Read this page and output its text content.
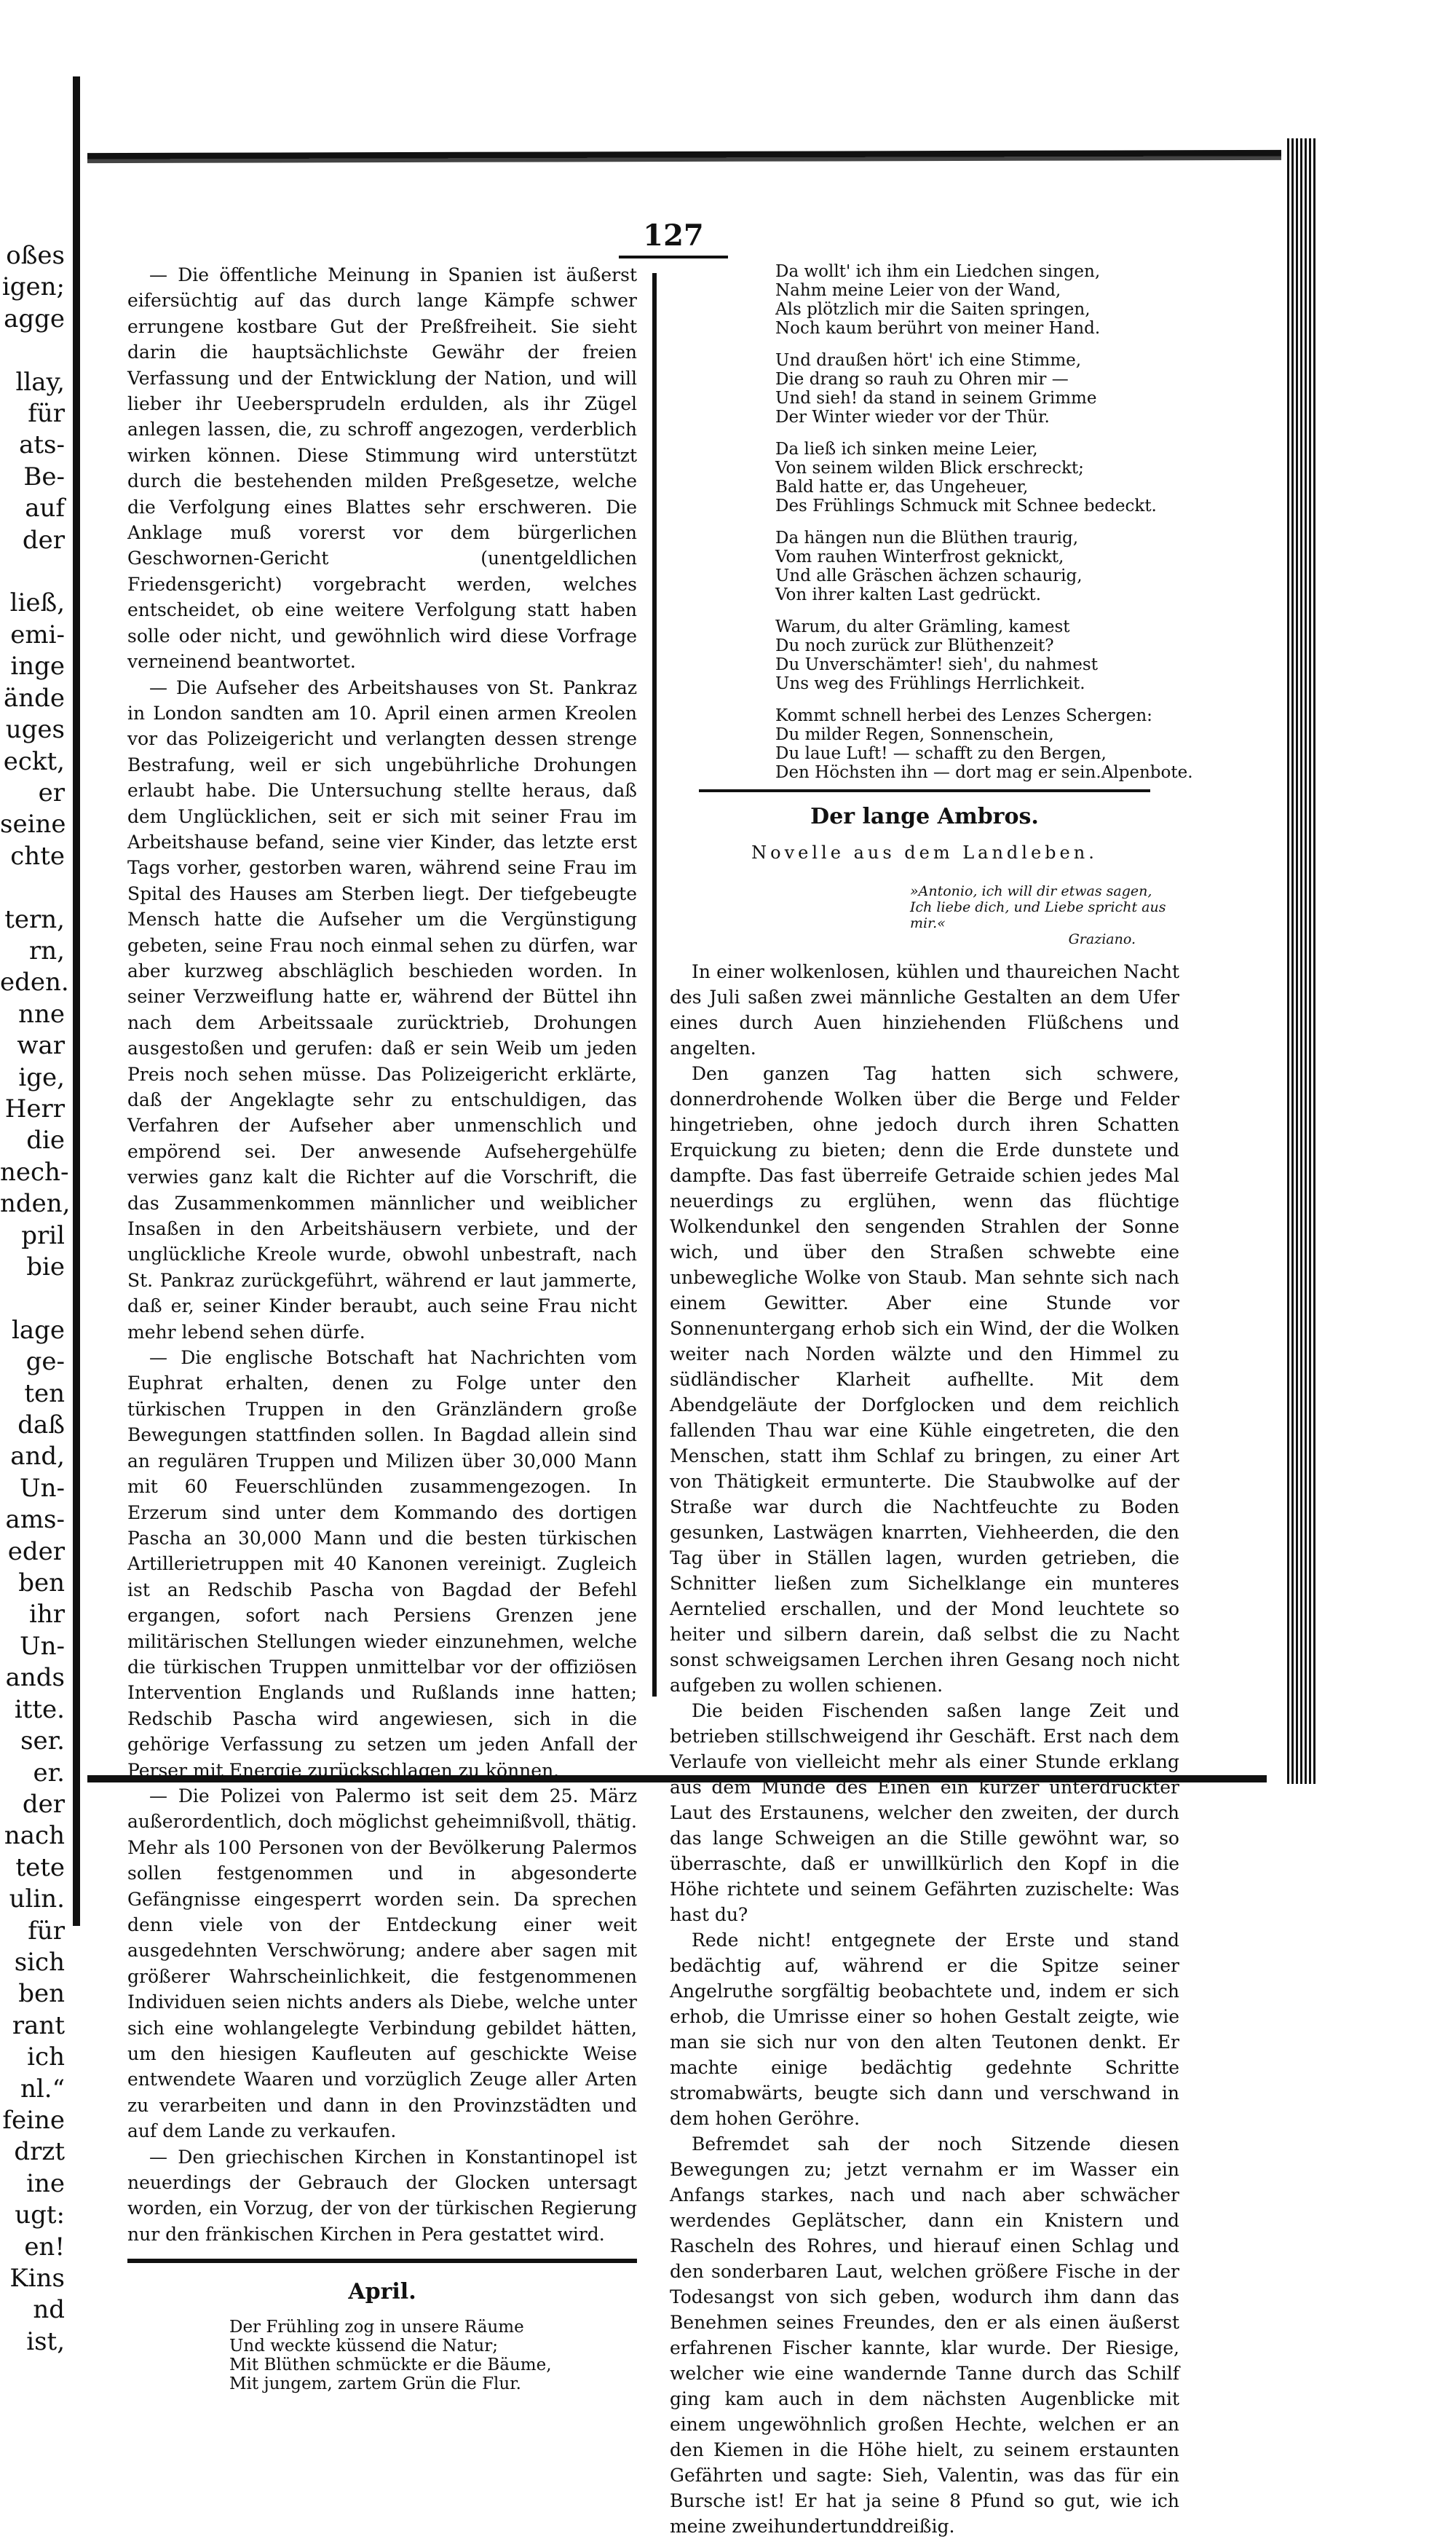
oßes
igen;
agge

llay,
für
ats-
Be-
auf
der

ließ,
emi-
inge
ände
uges
eckt,
er
seine
chte

tern,
rn,
eden.
nne
war
ige,
Herr
die
nech-
nden,
pril
bie

lage
ge-
ten
daß
and,
Un-
ams-
eder
ben
ihr
Un-
ands
itte.
ser.
er.
der
nach
tete
ulin.
für
sich
ben
rant
ich
nl.“
feine
drzt
ine
ugt:
en!
Kins
nd
ist,
127

— Die öffentliche Meinung in Spanien ist äußerst eifersüchtig auf das durch lange Kämpfe schwer errungene kostbare Gut der Preßfreiheit. Sie sieht darin die hauptsächlichste Gewähr der freien Verfassung und der Entwicklung der Nation, und will lieber ihr Ueebersprudeln erdulden, als ihr Zügel anlegen lassen, die, zu schroff angezogen, verderblich wirken können. Diese Stimmung wird unterstützt durch die bestehenden milden Preßgesetze, welche die Verfolgung eines Blattes sehr erschweren. Die Anklage muß vorerst vor dem bürgerlichen Geschwornen-Gericht (unentgeldlichen Friedensgericht) vorgebracht werden, welches entscheidet, ob eine weitere Verfolgung statt haben solle oder nicht, und gewöhnlich wird diese Vorfrage verneinend beantwortet.

— Die Aufseher des Arbeitshauses von St. Pankraz in London sandten am 10. April einen armen Kreolen vor das Polizeigericht und verlangten dessen strenge Bestrafung, weil er sich ungebührliche Drohungen erlaubt habe. Die Untersuchung stellte heraus, daß dem Unglücklichen, seit er sich mit seiner Frau im Arbeitshause befand, seine vier Kinder, das letzte erst Tags vorher, gestorben waren, während seine Frau im Spital des Hauses am Sterben liegt. Der tiefgebeugte Mensch hatte die Aufseher um die Vergünstigung gebeten, seine Frau noch einmal sehen zu dürfen, war aber kurzweg abschläglich beschieden worden. In seiner Verzweiflung hatte er, während der Büttel ihn nach dem Arbeitssaale zurücktrieb, Drohungen ausgestoßen und gerufen: daß er sein Weib um jeden Preis noch sehen müsse. Das Polizeigericht erklärte, daß der Angeklagte sehr zu entschuldigen, das Verfahren der Aufseher aber unmenschlich und empörend sei. Der anwesende Aufsehergehülfe verwies ganz kalt die Richter auf die Vorschrift, die das Zusammenkommen männlicher und weiblicher Insaßen in den Arbeitshäusern verbiete, und der unglückliche Kreole wurde, obwohl unbestraft, nach St. Pankraz zurückgeführt, während er laut jammerte, daß er, seiner Kinder beraubt, auch seine Frau nicht mehr lebend sehen dürfe.

— Die englische Botschaft hat Nachrichten vom Euphrat erhalten, denen zu Folge unter den türkischen Truppen in den Gränzländern große Bewegungen stattfinden sollen. In Bagdad allein sind an regulären Truppen und Milizen über 30,000 Mann mit 60 Feuerschlünden zusammengezogen. In Erzerum sind unter dem Kommando des dortigen Pascha an 30,000 Mann und die besten türkischen Artillerietruppen mit 40 Kanonen vereinigt. Zugleich ist an Redschib Pascha von Bagdad der Befehl ergangen, sofort nach Persiens Grenzen jene militärischen Stellungen wieder einzunehmen, welche die türkischen Truppen unmittelbar vor der offiziösen Intervention Englands und Rußlands inne hatten; Redschib Pascha wird angewiesen, sich in die gehörige Verfassung zu setzen um jeden Anfall der Perser mit Energie zurückschlagen zu können.

— Die Polizei von Palermo ist seit dem 25. März außerordentlich, doch möglichst geheimnißvoll, thätig. Mehr als 100 Personen von der Bevölkerung Palermos sollen festgenommen und in abgesonderte Gefängnisse eingesperrt worden sein. Da sprechen denn viele von der Entdeckung einer weit ausgedehnten Verschwörung; andere aber sagen mit größerer Wahrscheinlichkeit, die festgenommenen Individuen seien nichts anders als Diebe, welche unter sich eine wohlangelegte Verbindung gebildet hätten, um den hiesigen Kaufleuten auf geschickte Weise entwendete Waaren und vorzüglich Zeuge aller Arten zu verarbeiten und dann in den Provinzstädten und auf dem Lande zu verkaufen.

— Den griechischen Kirchen in Konstantinopel ist neuerdings der Gebrauch der Glocken untersagt worden, ein Vorzug, der von der türkischen Regierung nur den fränkischen Kirchen in Pera gestattet wird.

April.
Der Frühling zog in unsere Räume
Und weckte küssend die Natur;
Mit Blüthen schmückte er die Bäume,
Mit jungem, zartem Grün die Flur.
Da wollt' ich ihm ein Liedchen singen,
Nahm meine Leier von der Wand,
Als plötzlich mir die Saiten springen,
Noch kaum berührt von meiner Hand.
Und draußen hört' ich eine Stimme,
Die drang so rauh zu Ohren mir —
Und sieh! da stand in seinem Grimme
Der Winter wieder vor der Thür.
Da ließ ich sinken meine Leier,
Von seinem wilden Blick erschreckt;
Bald hatte er, das Ungeheuer,
Des Frühlings Schmuck mit Schnee bedeckt.
Da hängen nun die Blüthen traurig,
Vom rauhen Winterfrost geknickt,
Und alle Gräschen ächzen schaurig,
Von ihrer kalten Last gedrückt.
Warum, du alter Grämling, kamest
Du noch zurück zur Blüthenzeit?
Du Unverschämter! sieh', du nahmest
Uns weg des Frühlings Herrlichkeit.
Kommt schnell herbei des Lenzes Schergen:
Du milder Regen, Sonnenschein,
Du laue Luft! — schafft zu den Bergen,
Den Höchsten ihn — dort mag er sein. Alpenbote.
Der lange Ambros.
Novelle aus dem Landleben.
»Antonio, ich will dir etwas sagen,
Ich liebe dich, und Liebe spricht aus mir.«
Graziano.

In einer wolkenlosen, kühlen und thaureichen Nacht des Juli saßen zwei männliche Gestalten an dem Ufer eines durch Auen hinziehenden Flüßchens und angelten.

Den ganzen Tag hatten sich schwere, donnerdrohende Wolken über die Berge und Felder hingetrieben, ohne jedoch durch ihren Schatten Erquickung zu bieten; denn die Erde dunstete und dampfte. Das fast überreife Getraide schien jedes Mal neuerdings zu erglühen, wenn das flüchtige Wolkendunkel den sengenden Strahlen der Sonne wich, und über den Straßen schwebte eine unbewegliche Wolke von Staub. Man sehnte sich nach einem Gewitter. Aber eine Stunde vor Sonnenuntergang erhob sich ein Wind, der die Wolken weiter nach Norden wälzte und den Himmel zu südländischer Klarheit aufhellte. Mit dem Abendgeläute der Dorfglocken und dem reichlich fallenden Thau war eine Kühle eingetreten, die den Menschen, statt ihm Schlaf zu bringen, zu einer Art von Thätigkeit ermunterte. Die Staubwolke auf der Straße war durch die Nachtfeuchte zu Boden gesunken, Lastwägen knarrten, Viehheerden, die den Tag über in Ställen lagen, wurden getrieben, die Schnitter ließen zum Sichelklange ein munteres Aerntelied erschallen, und der Mond leuchtete so heiter und silbern darein, daß selbst die zu Nacht sonst schweigsamen Lerchen ihren Gesang noch nicht aufgeben zu wollen schienen.

Die beiden Fischenden saßen lange Zeit und betrieben stillschweigend ihr Geschäft. Erst nach dem Verlaufe von vielleicht mehr als einer Stunde erklang aus dem Munde des Einen ein kurzer unterdrückter Laut des Erstaunens, welcher den zweiten, der durch das lange Schweigen an die Stille gewöhnt war, so überraschte, daß er unwillkürlich den Kopf in die Höhe richtete und seinem Gefährten zuzischelte: Was hast du?

Rede nicht! entgegnete der Erste und stand bedächtig auf, während er die Spitze seiner Angelruthe sorgfältig beobachtete und, indem er sich erhob, die Umrisse einer so hohen Gestalt zeigte, wie man sie sich nur von den alten Teutonen denkt. Er machte einige bedächtig gedehnte Schritte stromabwärts, beugte sich dann und verschwand in dem hohen Geröhre.

Befremdet sah der noch Sitzende diesen Bewegungen zu; jetzt vernahm er im Wasser ein Anfangs starkes, nach und nach aber schwächer werdendes Geplätscher, dann ein Knistern und Rascheln des Rohres, und hierauf einen Schlag und den sonderbaren Laut, welchen größere Fische in der Todesangst von sich geben, wodurch ihm dann das Benehmen seines Freundes, den er als einen äußerst erfahrenen Fischer kannte, klar wurde. Der Riesige, welcher wie eine wandernde Tanne durch das Schilf ging kam auch in dem nächsten Augenblicke mit einem ungewöhnlich großen Hechte, welchen er an den Kiemen in die Höhe hielt, zu seinem erstaunten Gefährten und sagte: Sieh, Valentin, was das für ein Bursche ist! Er hat ja seine 8 Pfund so gut, wie ich meine zweihundertunddreißig.
